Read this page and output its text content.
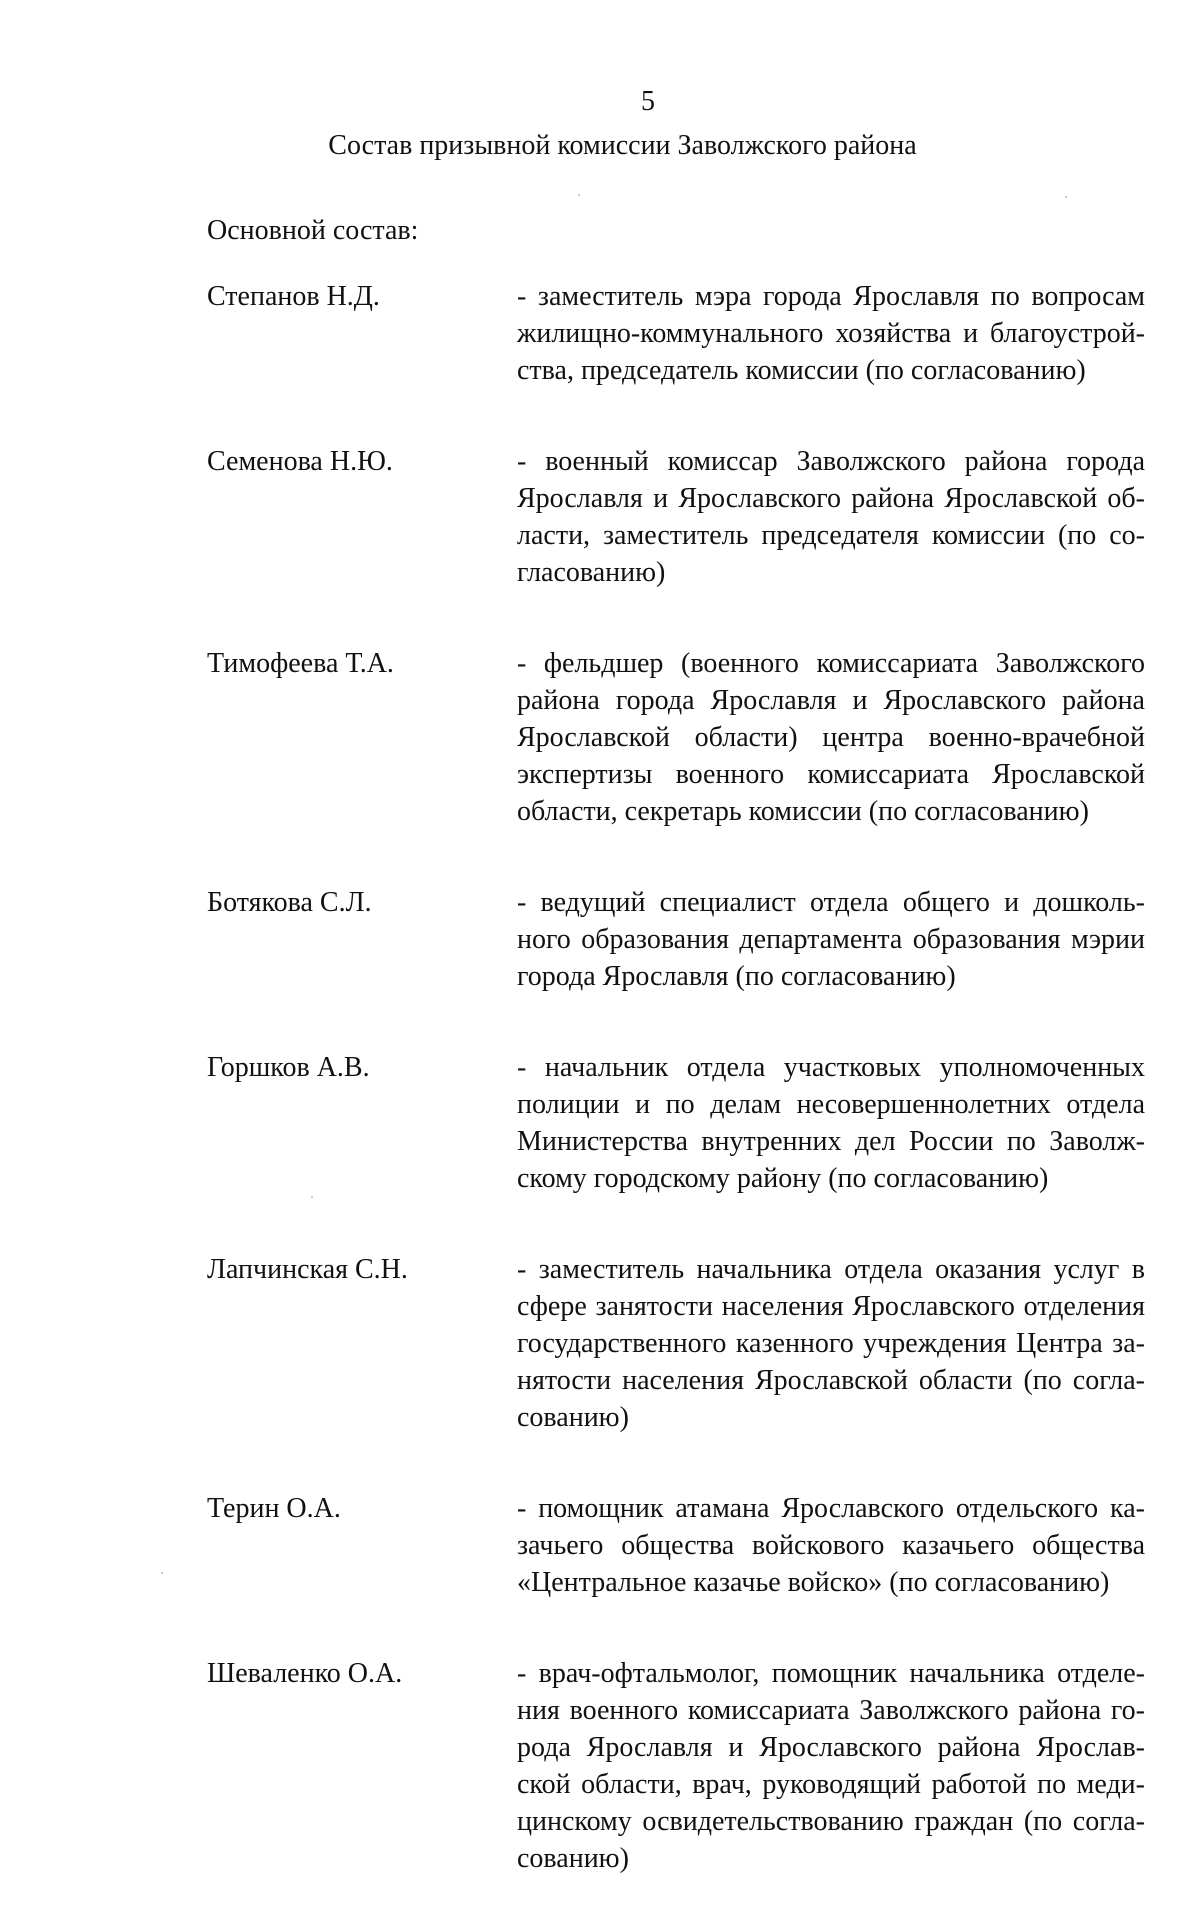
5
Состав призывной комиссии Заволжского района
Основной состав:
Степанов Н.Д.	- заместитель мэра города Ярославля по вопросам жилищно-коммунального хозяйства и благоустройства, председатель комиссии (по согласованию)
Семенова Н.Ю.	- военный комиссар Заволжского района города Ярославля и Ярославского района Ярославской области, заместитель председателя комиссии (по согласованию)
Тимофеева Т.А.	- фельдшер (военного комиссариата Заволжского района города Ярославля и Ярославского района Ярославской области) центра военно-врачебной экспертизы военного комиссариата Ярославской области, секретарь комиссии (по согласованию)
Ботякова С.Л.	- ведущий специалист отдела общего и дошкольного образования департамента образования мэрии города Ярославля (по согласованию)
Горшков А.В.	- начальник отдела участковых уполномоченных полиции и по делам несовершеннолетних отдела Министерства внутренних дел России по Заволжскому городскому району (по согласованию)
Лапчинская С.Н.	- заместитель начальника отдела оказания услуг в сфере занятости населения Ярославского отделения государственного казенного учреждения Центра занятости населения Ярославской области (по согласованию)
Терин О.А.	- помощник атамана Ярославского отдельского казачьего общества войскового казачьего общества «Центральное казачье войско» (по согласованию)
Шеваленко О.А.	- врач-офтальмолог, помощник начальника отделения военного комиссариата Заволжского района города Ярославля и Ярославского района Ярославской области, врач, руководящий работой по медицинскому освидетельствованию граждан (по согласованию)
